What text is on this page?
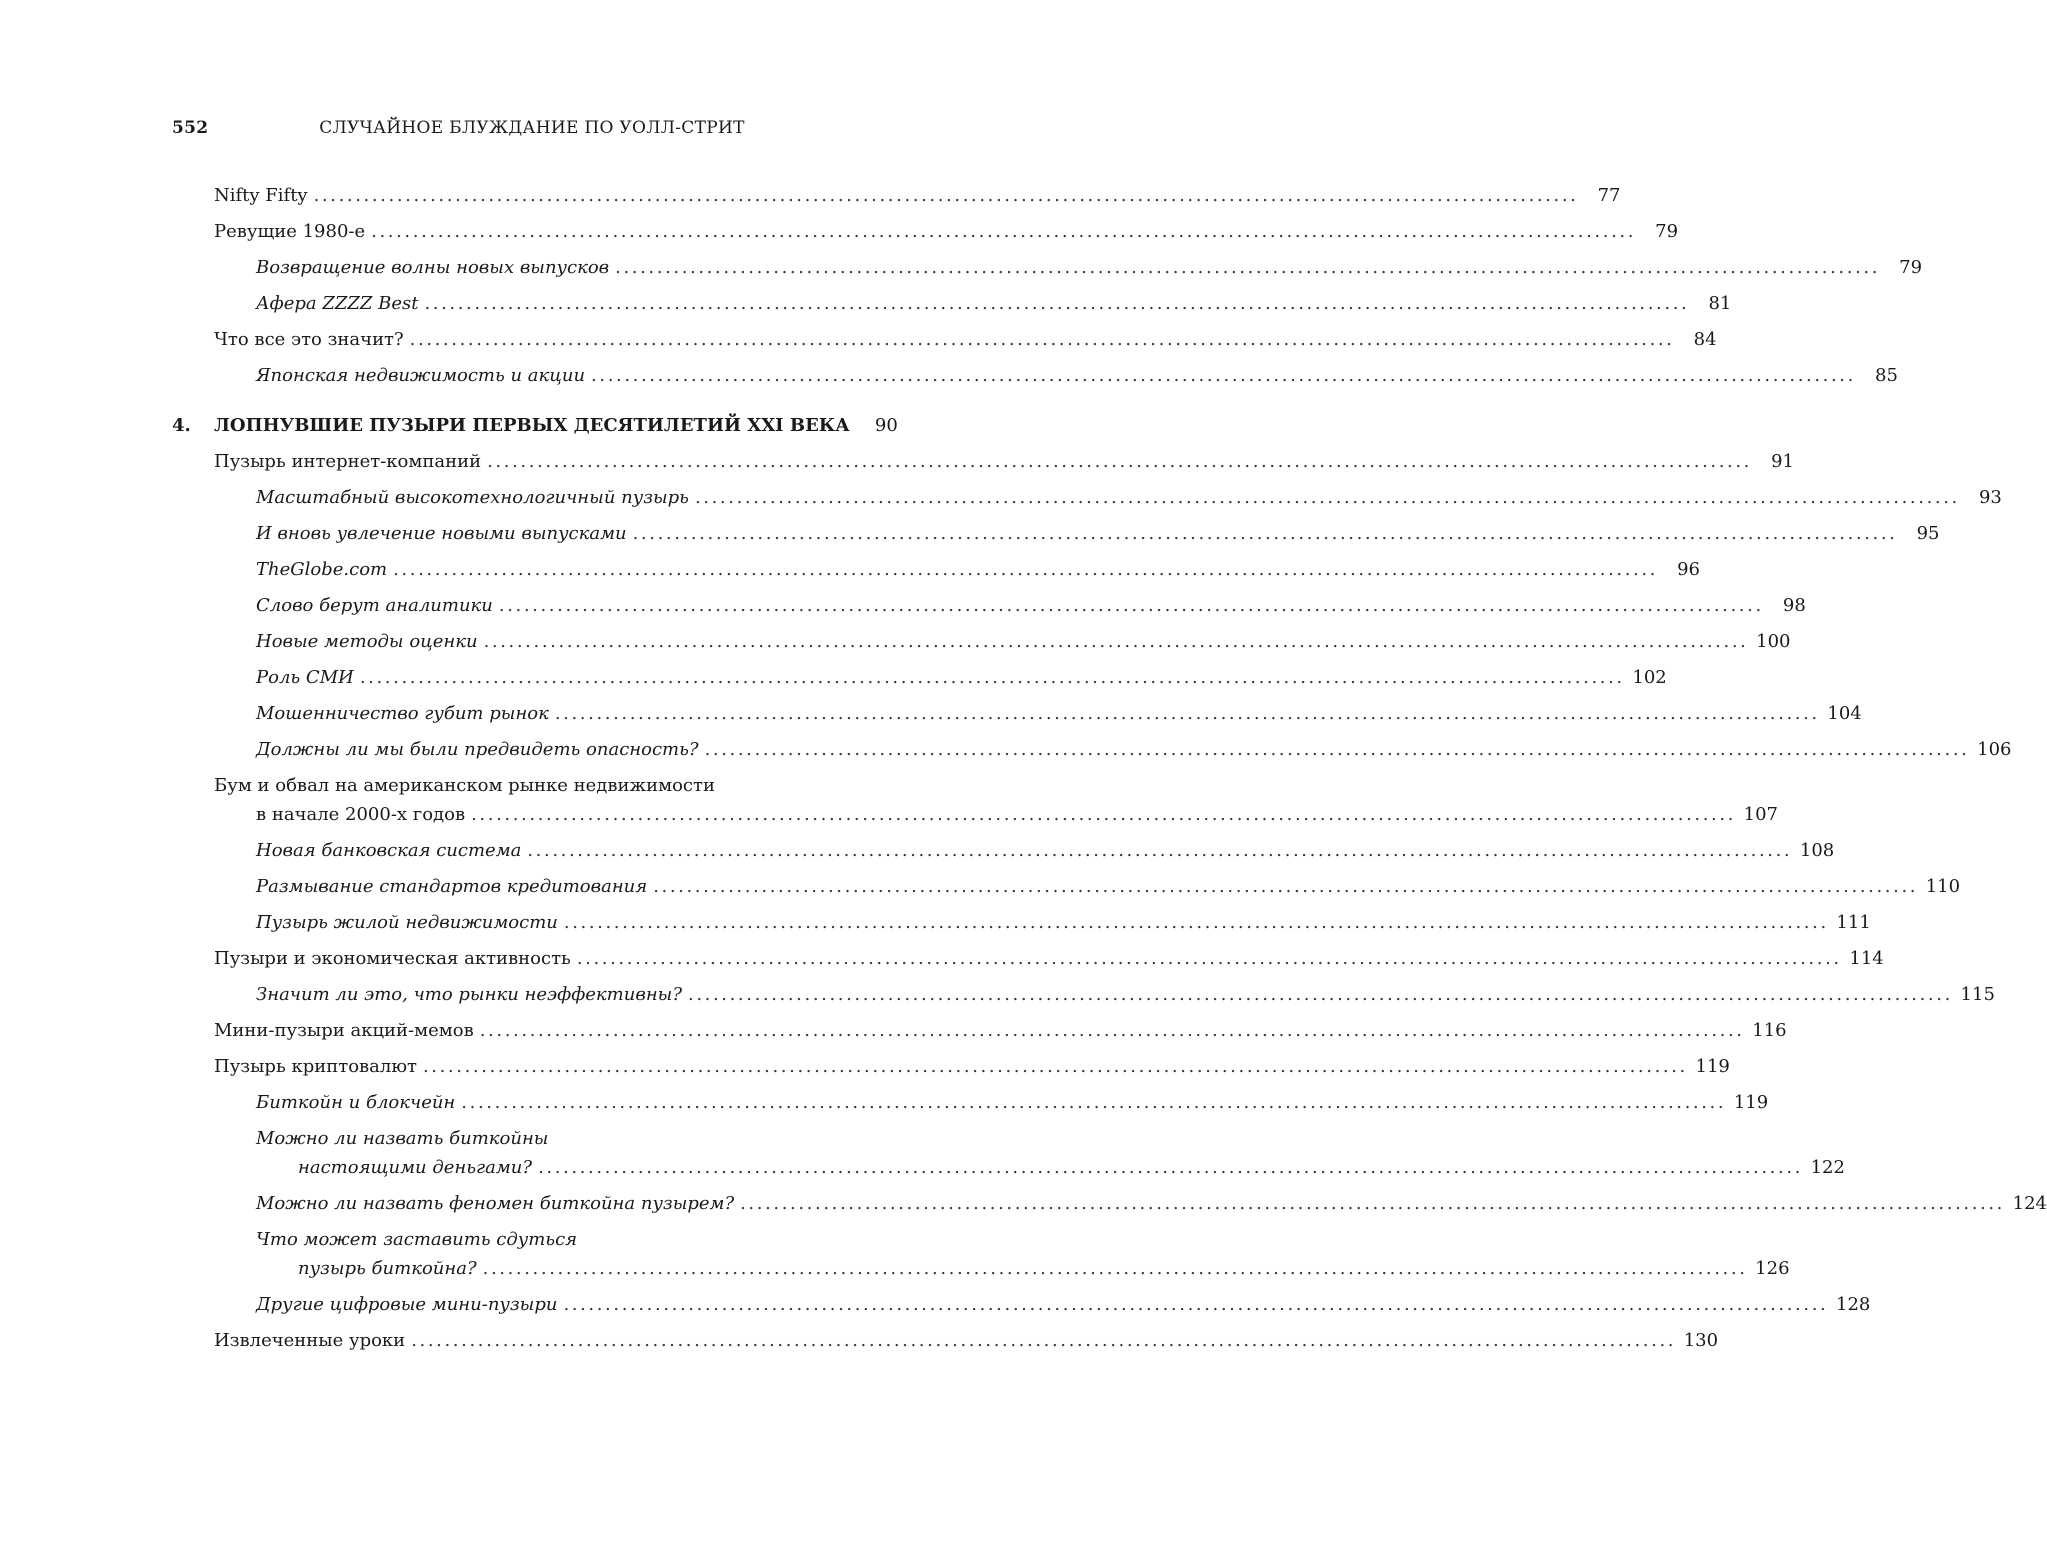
552	СЛУЧАЙНОЕ БЛУЖДАНИЕ ПО УОЛЛ-СТРИТ
Nifty Fifty ........................................................................................................................................................	77
Ревущие 1980-е ........................................................................................................................................................	79
Возвращение волны новых выпусков ........................................................................................................................................................	79
Афера ZZZZ Best ........................................................................................................................................................	81
Что все это значит? ........................................................................................................................................................	84
Японская недвижимость и акции ........................................................................................................................................................	85
4. ЛОПНУВШИЕ ПУЗЫРИ ПЕРВЫХ ДЕСЯТИЛЕТИЙ XXI ВЕКА	90
Пузырь интернет-компаний ........................................................................................................................................................	91
Масштабный высокотехнологичный пузырь ........................................................................................................................................................	93
И вновь увлечение новыми выпусками ........................................................................................................................................................	95
TheGlobe.com ........................................................................................................................................................	96
Слово берут аналитики ........................................................................................................................................................	98
Новые методы оценки ........................................................................................................................................................ 100
Роль СМИ ........................................................................................................................................................ 102
Мошенничество губит рынок ........................................................................................................................................................ 104
Должны ли мы были предвидеть опасность? ........................................................................................................................................................ 106
Бум и обвал на американском рынке недвижимости
в начале 2000-х годов ........................................................................................................................................................ 107
Новая банковская система ........................................................................................................................................................ 108
Размывание стандартов кредитования ........................................................................................................................................................ 110
Пузырь жилой недвижимости ........................................................................................................................................................ 111
Пузыри и экономическая активность ........................................................................................................................................................ 114
Значит ли это, что рынки неэффективны? ........................................................................................................................................................ 115
Мини-пузыри акций-мемов ........................................................................................................................................................ 116
Пузырь криптовалют ........................................................................................................................................................ 119
Биткойн и блокчейн ........................................................................................................................................................ 119
Можно ли назвать биткойны
настоящими деньгами? ........................................................................................................................................................ 122
Можно ли назвать феномен биткойна пузырем? ........................................................................................................................................................ 124
Что может заставить сдуться
пузырь биткойна? ........................................................................................................................................................ 126
Другие цифровые мини-пузыри ........................................................................................................................................................ 128
Извлеченные уроки ........................................................................................................................................................ 130
